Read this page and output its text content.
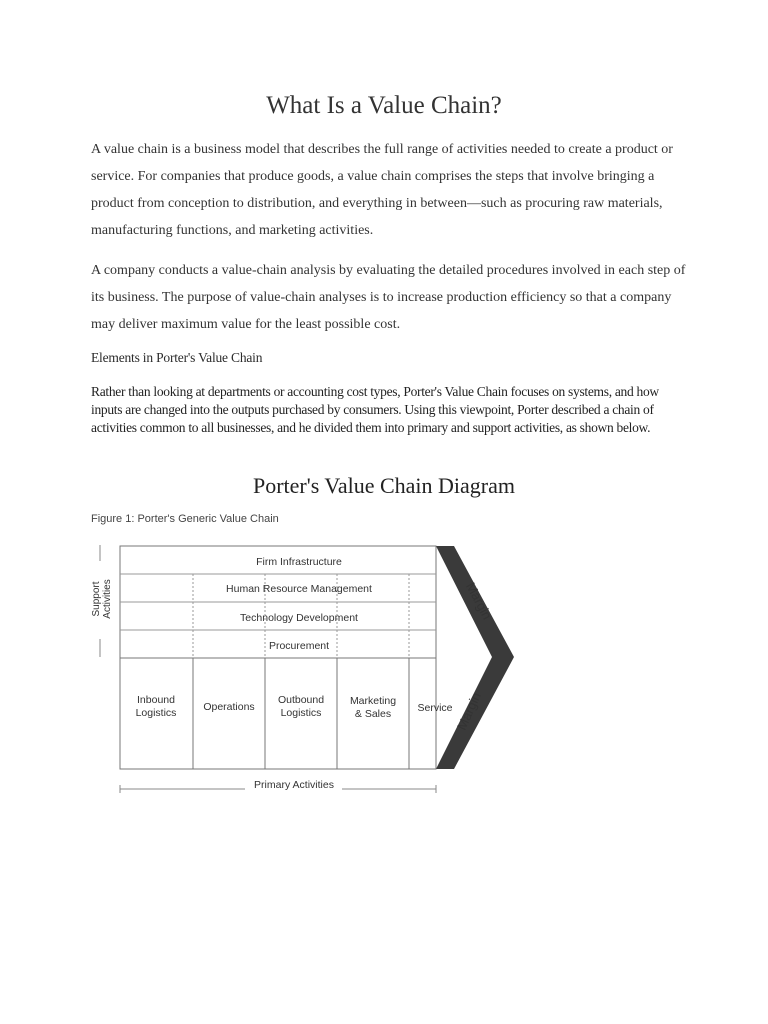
What Is a Value Chain?

A value chain is a business model that describes the full range of activities needed to create a product or service. For companies that produce goods, a value chain comprises the steps that involve bringing a product from conception to distribution, and everything in between—such as procuring raw materials, manufacturing functions, and marketing activities.

A company conducts a value-chain analysis by evaluating the detailed procedures involved in each step of its business. The purpose of value-chain analyses is to increase production efficiency so that a company may deliver maximum value for the least possible cost.

Elements in Porter's Value Chain

Rather than looking at departments or accounting cost types, Porter's Value Chain focuses on systems, and how inputs are changed into the outputs purchased by consumers. Using this viewpoint, Porter described a chain of activities common to all businesses, and he divided them into primary and support activities, as shown below.

Porter's Value Chain Diagram

Figure 1: Porter's Generic Value Chain

Firm Infrastructure
Human Resource Management
Technology Development
Procurement
Inbound
Logistics	Operations
Outbound
Logistics
Marketing
& Sales	Service
Margin
Margin
Support Activities
Primary Activities
